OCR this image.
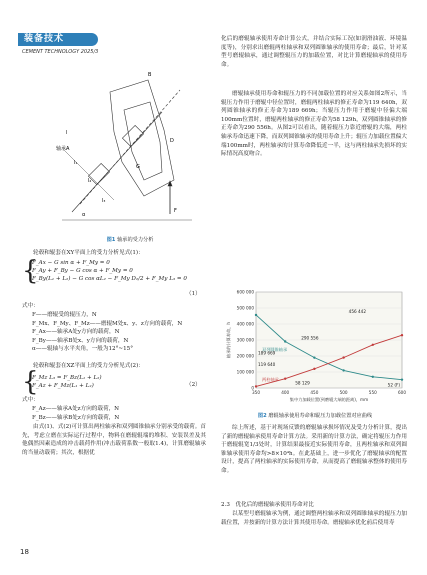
装备技术
CEMENT TECHNOLOGY 2025/3
轴承A
l
l₁
l₂
l₃
B
D
F
G
α
图1 轴承的受力分析
轮毂和辊套在XY平面上的受力分析见式(1)：
{
F_Ax − G sin α + F_My = 0
F_Ay + F_By − G cos α + F_My = 0
F_By(L₁ + L₂) − G cos αL₂ − F_My D₂/2 + F_My L₃ = 0
（1）
式中：

F——磨辊受的辊压力，N

F_Mx、F_My、F_Mz——磨辊M处x、y、z方向的载荷，N

F_Ax——轴承A处y方向的载荷，N

F_By——轴承B处x、y方向的载荷，N

α——辊轴与水平夹角，一般为12°~15°

轮毂和辊套在XZ平面上的受力分析见式(2)：
{
F_Mz L₃ = F_Bz(L₁ + L₂)
F_Az + F_Mz(L₁ + L₂)	（2）
式中：

F_Az——轴承A处z方向的载荷，N

F_Bz——轴承B处z方向的载荷，N

由式(1)、式(2)可计算出两柱轴承和双列圆锥轴承分别承受的载荷。首先，考虑立磨在实际运行过程中，物料在磨辊辊端的堆积、安装误差及其他偶然因素造成的冲击载荷作用(冲击载荷系数一般取1.4)，计算磨辊轴承的当量动载荷；其次，根据优
化后的磨辊轴承使用寿命计算公式，并结合实际工况(如润滑油液、环境温度等)，分别求出磨辊两柱轴承和双列圆锥轴承的使用寿命；最后，针对某型号磨辊轴承，通过调整辊压力的加载位置，对比计算磨辊轴承的使用寿命。
磨辊轴承使用寿命和辊压力的不同加载位置的对应关系如图2所示，当辊压力作用于磨辊中径位置时，磨辊两柱轴承的修正寿命为119 640h，双列圆锥轴承的修正寿命为189 669h；当辊压力作用于磨辊中径偏大端100mm位置时，磨辊两柱轴承的修正寿命为58 129h，双列圆锥轴承的修正寿命为290 556h。从图2可以看出，随着辊压力靠近磨辊的大端，两柱轴承寿命迅速下降，而双列圆锥轴承的使用寿命上升；辊压力加载位置偏大端100mm时，两柱轴承的计算寿命降低近一半，这与两柱轴承先损坏的实际情况高度吻合。
0
100 000
200 000
300 000
400 000
500 000
600 000
350	400	450	500	550	600
集中力加载位置(到磨辊大端的距离)，mm
轴承的计算寿命，h	双列圆锥轴承
两柱轴承
456 442
290 556
189 669
119 640
58 129	52 (F)
图2 磨辊轴承使用寿命和辊压力加载位置对应曲线
综上所述，基于对现场反馈的磨辊轴承损坏情况及受力分析计算，提出了新的磨辊轴承使用寿命计算方法。采用新的计算方法，确定将辊压力作用于磨辊辊宽1/3处时，计算结果最接近实际使用寿命，且两柱轴承和双列圆锥轴承使用寿命均>8×10⁴h。在此基础上，进一步优化了磨辊轴承的配置设计，提高了两柱轴承的实际使用寿命，从而提高了磨辊轴承整体的使用寿命。
2.3　优化后的磨辊轴承使用寿命对比
以某型号磨辊轴承为例，通过调整两柱轴承和双列圆锥轴承的辊压力加载位置，并按新的计算方法计算其使用寿命。磨辊轴承优化前后使用寿
18
